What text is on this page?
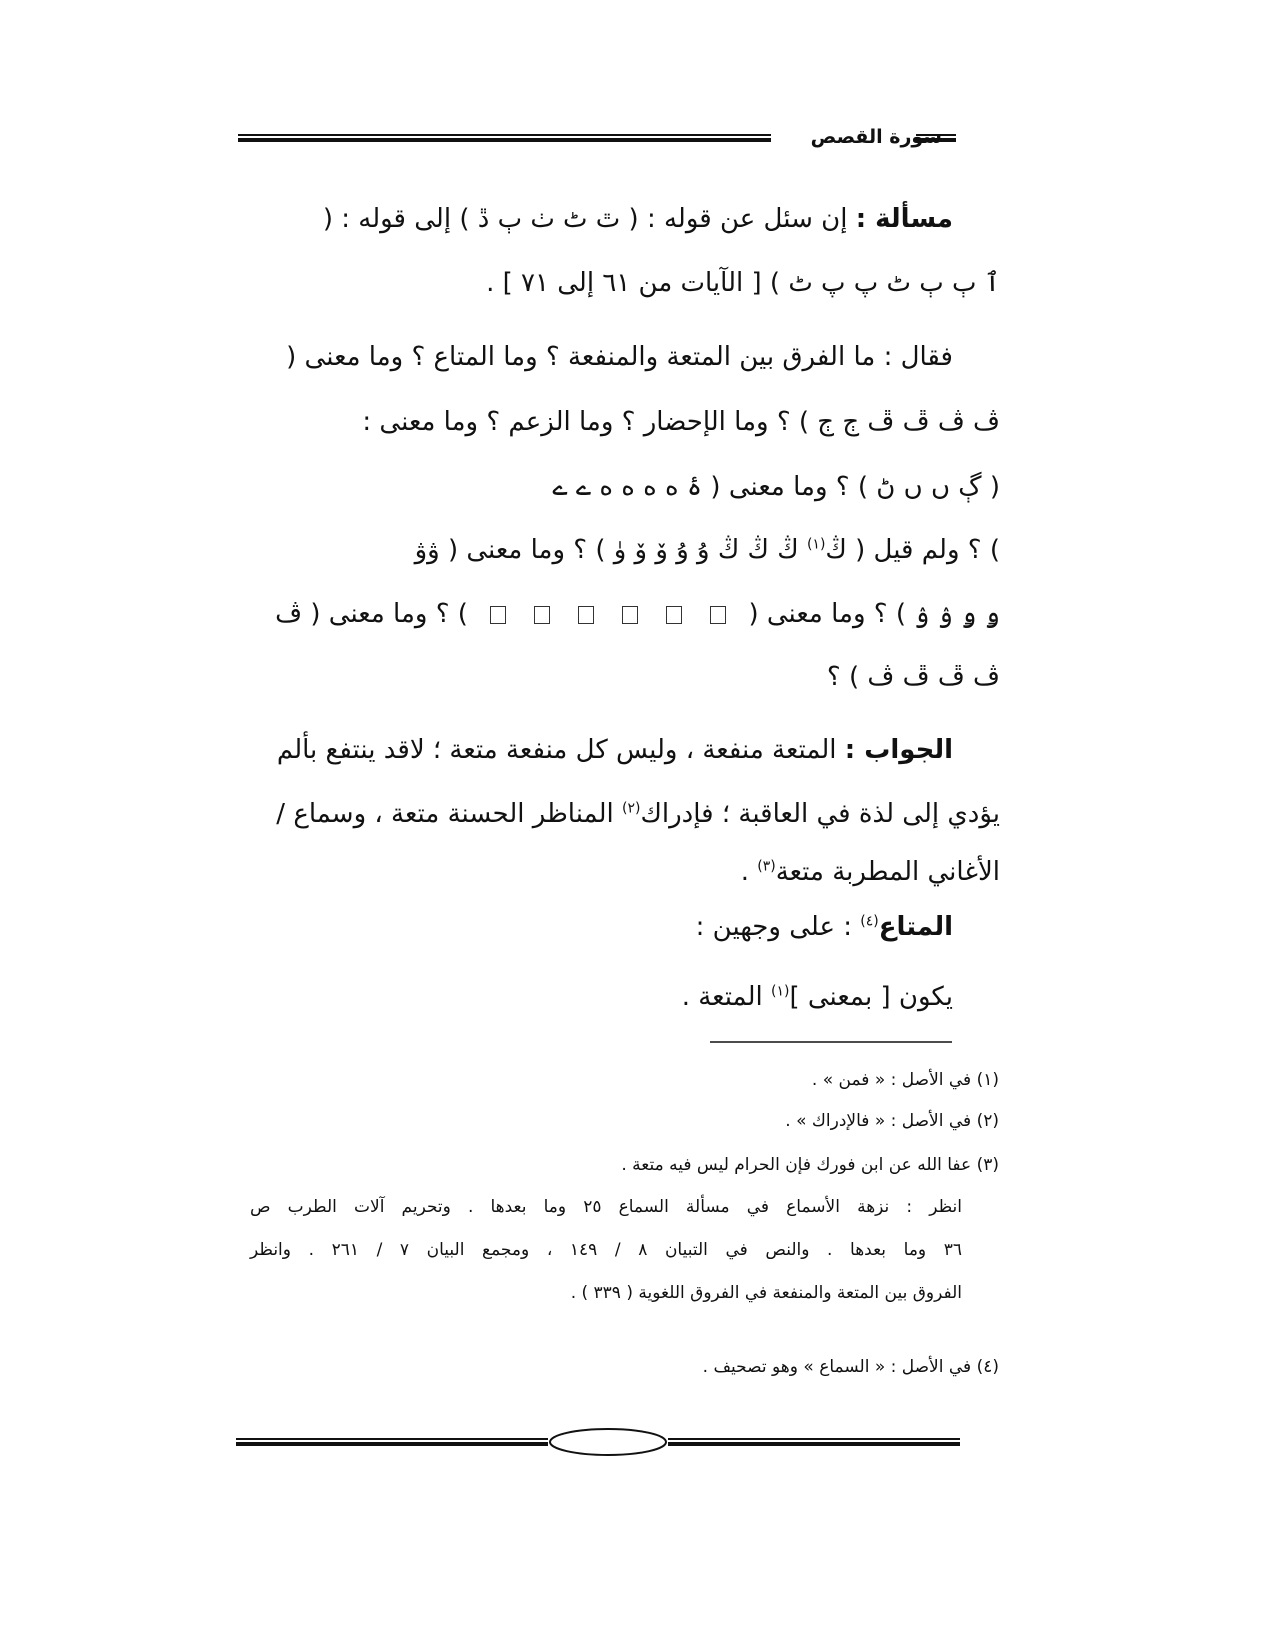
سورة القصص
مسألة : إن سئل عن قوله : ( ٿ ٹ ٺ ٻ ڐ ) إلى قوله : (
ٱ ٻ ٻ ٹ پ پ ٹ ) [ الآيات من ٦١ إلى ٧١ ] .
فقال : ما الفرق بين المتعة والمنفعة ؟ وما المتاع ؟ وما معنى (
ڤ ڤ ڦ ڦ ڄ ڄ ) ؟ وما الإحضار ؟ وما الزعم ؟ وما معنى :
( ڳ ں ں ڻ ) ؟ وما معنى ( ۂ ه ه ه ه ے ے
) ؟ ولم قيل ( ڭ$^{(١)}$ ڭ ڭ ڭ ۇ ۇ ۆ ۆ ۈ ) ؟ وما معنى ( ۋۋ
ۅ ۅ ۉ ۉ ) ؟ وما معنى (  ) ؟ وما معنى ( ڤ
ڤ ڦ ڦ ڤ ) ؟
الجواب : المتعة منفعة ، وليس كل منفعة متعة ؛ لاقد ينتفع بألم
يؤدي إلى لذة في العاقبة ؛ فإدراك$^{(٢)}$ المناظر الحسنة متعة ، وسماع /
الأغاني المطربة متعة$^{(٣)}$ .
المتاع$^{(٤)}$ : على وجهين :
يكون [ بمعنى ]$^{(١)}$ المتعة .
(١) في الأصل : « فمن » .
(٢) في الأصل : « فالإدراك » .
(٣) عفا الله عن ابن فورك فإن الحرام ليس فيه متعة .
انظر : نزهة الأسماع في مسألة السماع ٢٥ وما بعدها . وتحريم آلات الطرب ص
٣٦ وما بعدها . والنص في التبيان ٨ / ١٤٩ ، ومجمع البيان ٧ / ٢٦١ . وانظر
الفروق بين المتعة والمنفعة في الفروق اللغوية ( ٣٣٩ ) .
(٤) في الأصل : « السماع » وهو تصحيف .
